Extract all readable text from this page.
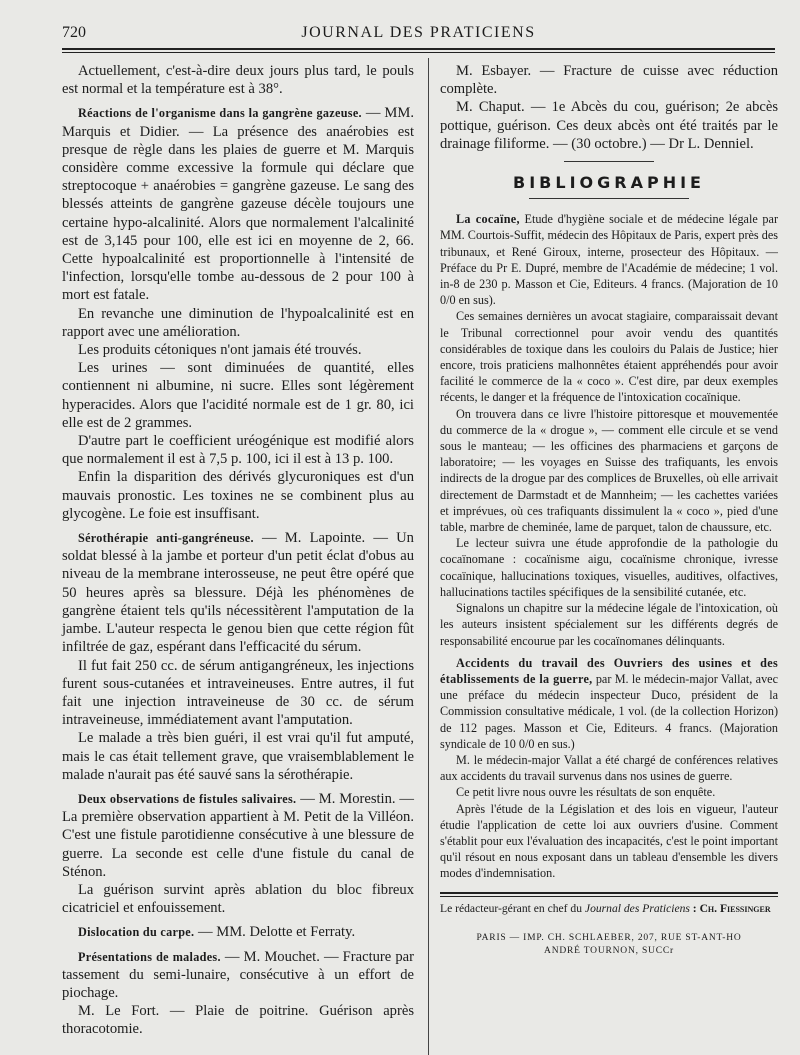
720	JOURNAL DES PRATICIENS

Actuellement, c'est-à-dire deux jours plus tard, le pouls est normal et la température est à 38°.

Réactions de l'organisme dans la gangrène gazeuse. — MM. Marquis et Didier. — La présence des anaérobies est presque de règle dans les plaies de guerre et M. Marquis considère comme excessive la formule qui déclare que streptocoque + anaérobies = gangrène gazeuse. Le sang des blessés atteints de gangrène gazeuse décèle toujours une certaine hypo-alcalinité. Alors que normalement l'alcalinité est de 3,145 pour 100, elle est ici en moyenne de 2, 66. Cette hypoalcalinité est proportionnelle à l'intensité de l'infection, lorsqu'elle tombe au-dessous de 2 pour 100 à mort est fatale.

En revanche une diminution de l'hypoalcalinité est en rapport avec une amélioration.

Les produits cétoniques n'ont jamais été trouvés.

Les urines — sont diminuées de quantité, elles contiennent ni albumine, ni sucre. Elles sont légèrement hyperacides. Alors que l'acidité normale est de 1 gr. 80, ici elle est de 2 grammes.

D'autre part le coefficient uréogénique est modifié alors que normalement il est à 7,5 p. 100, ici il est à 13 p. 100.

Enfin la disparition des dérivés glycuroniques est d'un mauvais pronostic. Les toxines ne se combinent plus au glycogène. Le foie est insuffisant.

Sérothérapie anti-gangréneuse. — M. Lapointe. — Un soldat blessé à la jambe et porteur d'un petit éclat d'obus au niveau de la membrane interosseuse, ne peut être opéré que 50 heures après sa blessure. Déjà les phénomènes de gangrène étaient tels qu'ils nécessitèrent l'amputation de la jambe. L'auteur respecta le genou bien que cette région fût infiltrée de gaz, espérant dans l'efficacité du sérum.

Il fut fait 250 cc. de sérum antigangréneux, les injections furent sous-cutanées et intraveineuses. Entre autres, il fut fait une injection intraveineuse de 30 cc. de sérum intraveineuse, immédiatement avant l'amputation.

Le malade a très bien guéri, il est vrai qu'il fut amputé, mais le cas était tellement grave, que vraisemblablement le malade n'aurait pas été sauvé sans la sérothérapie.

Deux observations de fistules salivaires. — M. Morestin. — La première observation appartient à M. Petit de la Villéon. C'est une fistule parotidienne consécutive à une blessure de guerre. La seconde est celle d'une fistule du canal de Sténon.

La guérison survint après ablation du bloc fibreux cicatriciel et enfouissement.

Dislocation du carpe. — MM. Delotte et Ferraty.

Présentations de malades. — M. Mouchet. — Fracture par tassement du semi-lunaire, consécutive à un effort de piochage.

M. Le Fort. — Plaie de poitrine. Guérison après thoracotomie.

M. Esbayer. — Fracture de cuisse avec réduction complète.

M. Chaput. — 1e Abcès du cou, guérison; 2e abcès pottique, guérison. Ces deux abcès ont été traités par le drainage filiforme. — (30 octobre.) — Dr L. Denniel.

BIBLIOGRAPHIE

La cocaïne, Etude d'hygiène sociale et de médecine légale par MM. Courtois-Suffit, médecin des Hôpitaux de Paris, expert près des tribunaux, et René Giroux, interne, prosecteur des Hôpitaux. — Préface du Pr E. Dupré, membre de l'Académie de médecine; 1 vol. in-8 de 230 p. Masson et Cie, Editeurs. 4 francs. (Majoration de 10 0/0 en sus).

Ces semaines dernières un avocat stagiaire, comparaissait devant le Tribunal correctionnel pour avoir vendu des quantités considérables de toxique dans les couloirs du Palais de Justice; hier encore, trois praticiens malhonnêtes étaient appréhendés pour avoir facilité le commerce de la « coco ». C'est dire, par deux exemples récents, le danger et la fréquence de l'intoxication cocaïnique.

On trouvera dans ce livre l'histoire pittoresque et mouvementée du commerce de la « drogue », — comment elle circule et se vend sous le manteau; — les officines des pharmaciens et garçons de laboratoire; — les voyages en Suisse des trafiquants, les envois indirects de la drogue par des complices de Bruxelles, où elle arrivait directement de Darmstadt et de Mannheim; — les cachettes variées et imprévues, où ces trafiquants dissimulent la « coco », pied d'une table, marbre de cheminée, lame de parquet, talon de chaussure, etc.

Le lecteur suivra une étude approfondie de la pathologie du cocaïnomane : cocaïnisme aigu, cocaïnisme chronique, ivresse cocaïnique, hallucinations toxiques, visuelles, auditives, olfactives, hallucinations tactiles spécifiques de la sensibilité cutanée, etc.

Signalons un chapitre sur la médecine légale de l'intoxication, où les auteurs insistent spécialement sur les différents degrés de responsabilité encourue par les cocaïnomanes délinquants.

Accidents du travail des Ouvriers des usines et des établissements de la guerre, par M. le médecin-major Vallat, avec une préface du médecin inspecteur Duco, président de la Commission consultative médicale, 1 vol. (de la collection Horizon) de 112 pages. Masson et Cie, Editeurs. 4 francs. (Majoration syndicale de 10 0/0 en sus.)

M. le médecin-major Vallat a été chargé de conférences relatives aux accidents du travail survenus dans nos usines de guerre.

Ce petit livre nous ouvre les résultats de son enquête.

Après l'étude de la Législation et des lois en vigueur, l'auteur étudie l'application de cette loi aux ouvriers d'usine. Comment s'établit pour eux l'évaluation des incapacités, c'est le point important qu'il résout en nous exposant dans un tableau d'ensemble les divers modes d'indemnisation.

Le rédacteur-gérant en chef du Journal des Praticiens : Ch. Fiessinger

PARIS — IMP. CH. SCHLAEBER, 207, RUE ST-ANT-HO
ANDRÉ TOURNON, SUCCr
